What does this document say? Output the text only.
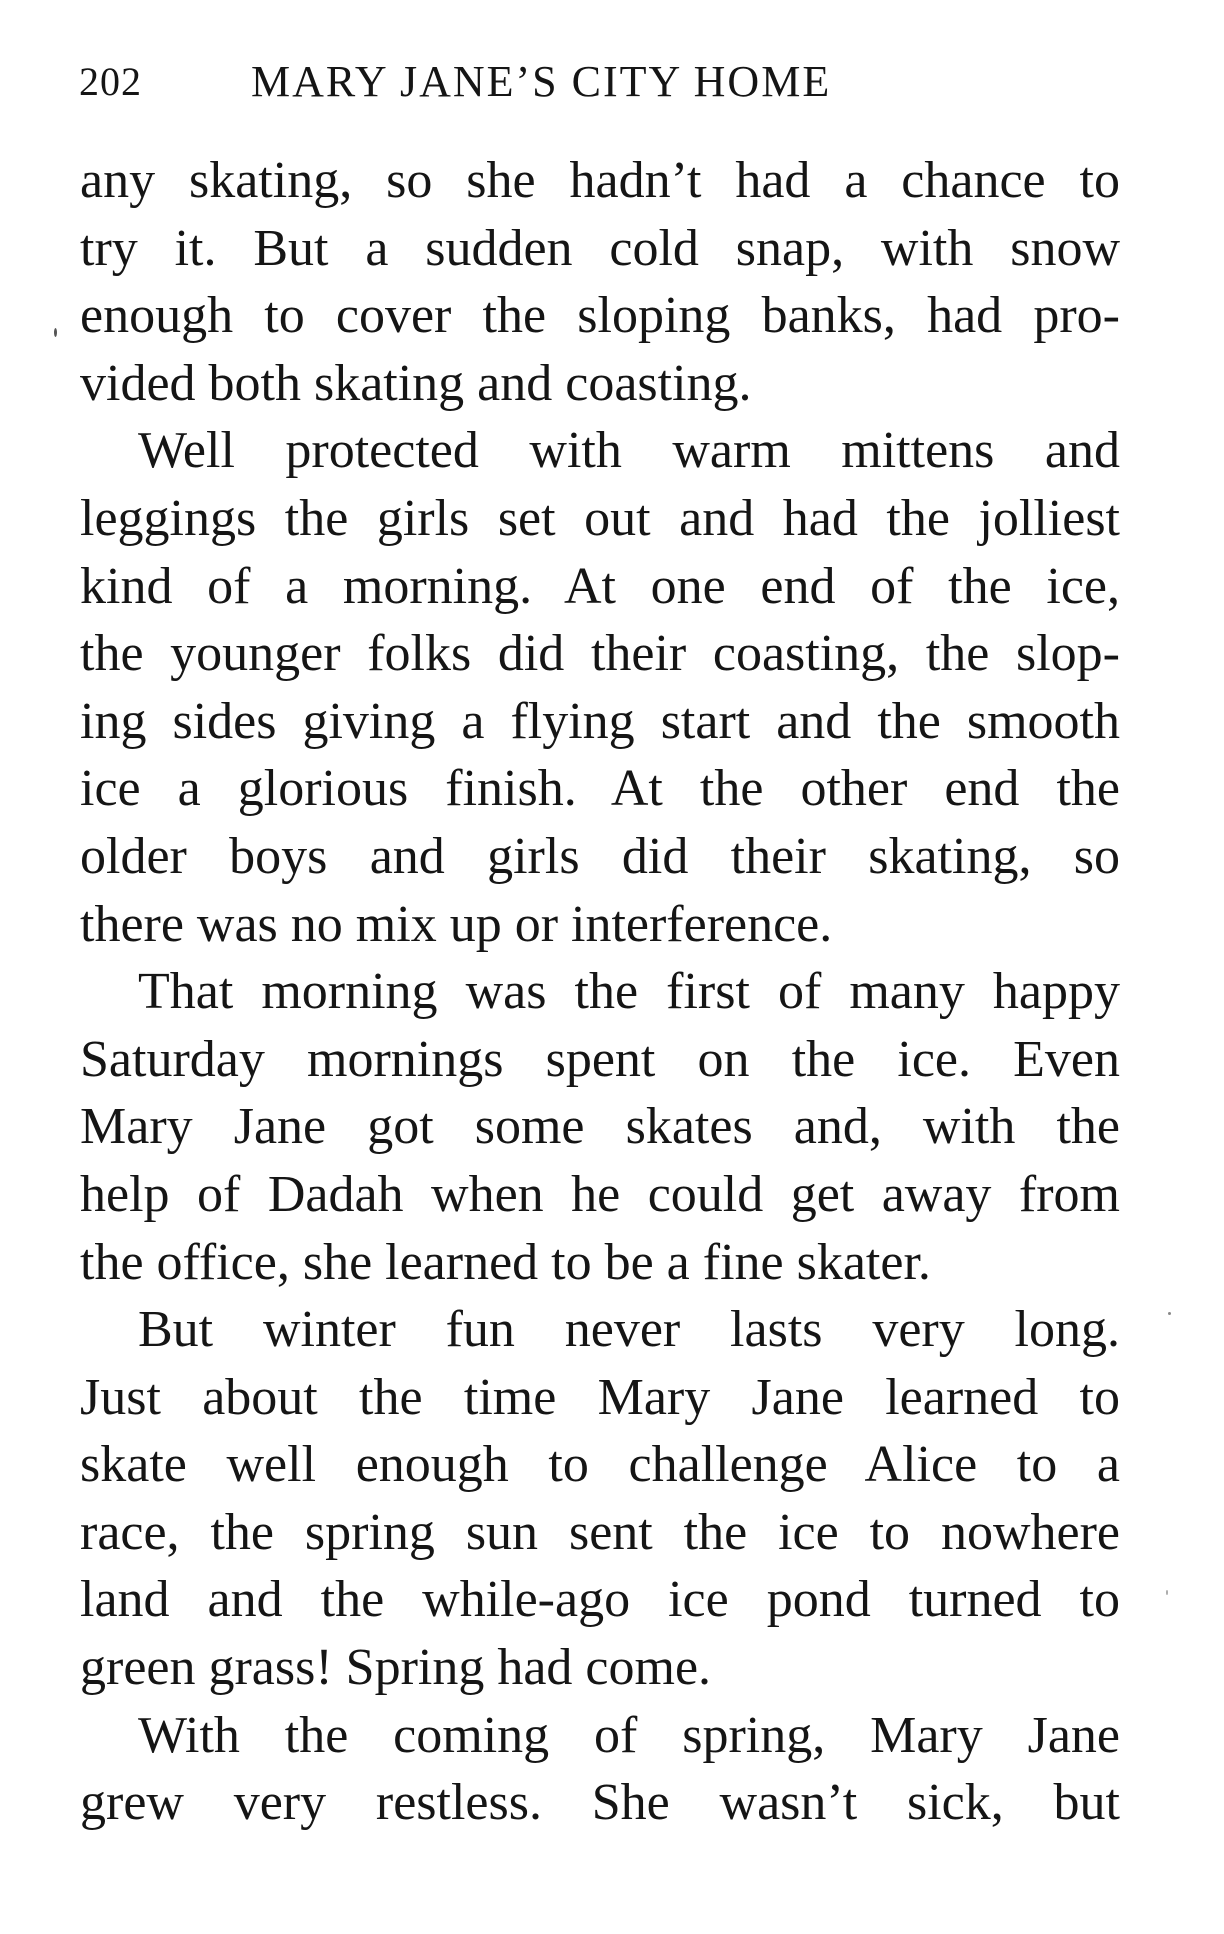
202 MARY JANE’S CITY HOME
any skating, so she hadn’t had a chance to
try it. But a sudden cold snap, with snow
enough to cover the sloping banks, had pro-
vided both skating and coasting.
Well protected with warm mittens and
leggings the girls set out and had the jolliest
kind of a morning. At one end of the ice,
the younger folks did their coasting, the slop-
ing sides giving a flying start and the smooth
ice a glorious finish. At the other end the
older boys and girls did their skating, so
there was no mix up or interference.
That morning was the first of many happy
Saturday mornings spent on the ice. Even
Mary Jane got some skates and, with the
help of Dadah when he could get away from
the office, she learned to be a fine skater.
But winter fun never lasts very long.
Just about the time Mary Jane learned to
skate well enough to challenge Alice to a
race, the spring sun sent the ice to nowhere
land and the while-ago ice pond turned to
green grass! Spring had come.
With the coming of spring, Mary Jane
grew very restless. She wasn’t sick, but
